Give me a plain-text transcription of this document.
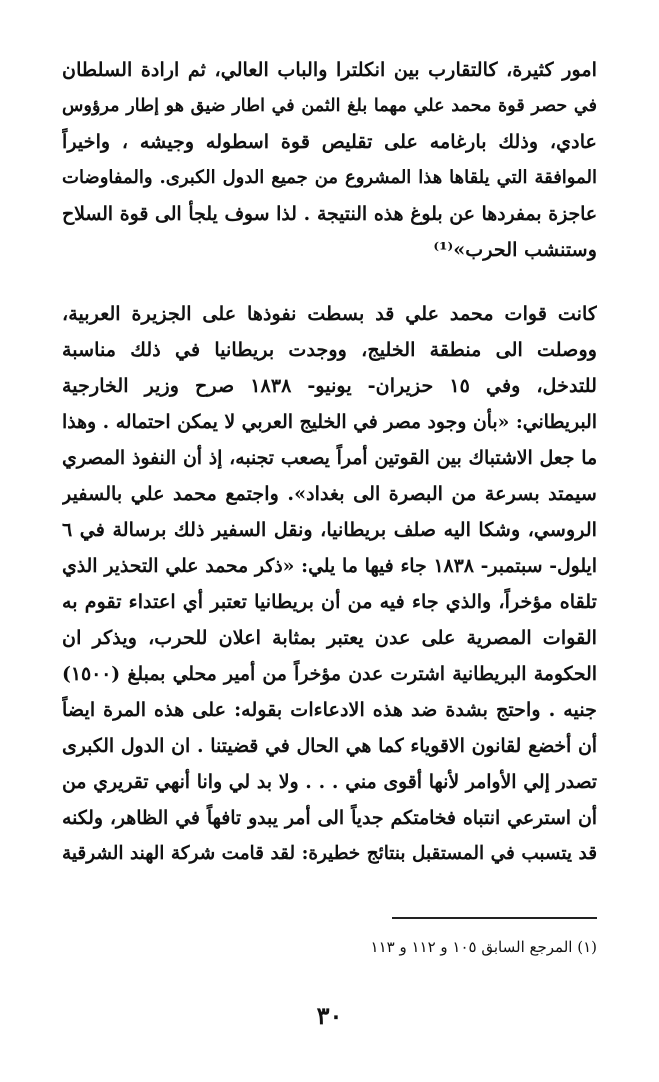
امور كثيرة، كالتقارب بين انكلترا والباب العالي، ثم ارادة السلطان
في حصر قوة محمد علي مهما بلغ الثمن في اطار ضيق هو إطار مرؤوس
عادي، وذلك بارغامه على تقليص قوة اسطوله وجيشه ، واخيراً
الموافقة التي يلقاها هذا المشروع من جميع الدول الكبرى. والمفاوضات
عاجزة بمفردها عن بلوغ هذه النتيجة . لذا سوف يلجأ الى قوة السلاح
وستنشب الحرب»⁽¹⁾
كانت قوات محمد علي قد بسطت نفوذها على الجزيرة العربية،
ووصلت الى منطقة الخليج، ووجدت بريطانيا في ذلك مناسبة
للتدخل، وفي ١٥ حزيران- يونيو- ١٨٣٨ صرح وزير الخارجية
البريطاني: «بأن وجود مصر في الخليج العربي لا يمكن احتماله . وهذا
ما جعل الاشتباك بين القوتين أمراً يصعب تجنبه، إذ أن النفوذ المصري
سيمتد بسرعة من البصرة الى بغداد». واجتمع محمد علي بالسفير
الروسي، وشكا اليه صلف بريطانيا، ونقل السفير ذلك برسالة في ٦
ايلول- سبتمبر- ١٨٣٨ جاء فيها ما يلي: «ذكر محمد علي التحذير الذي
تلقاه مؤخراً، والذي جاء فيه من أن بريطانيا تعتبر أي اعتداء تقوم به
القوات المصرية على عدن يعتبر بمثابة اعلان للحرب، ويذكر ان
الحكومة البريطانية اشترت عدن مؤخراً من أمير محلي بمبلغ (١٥٠٠)
جنيه . واحتج بشدة ضد هذه الادعاءات بقوله: على هذه المرة ايضاً
أن أخضع لقانون الاقوياء كما هي الحال في قضيتنا . ان الدول الكبرى
تصدر إلي الأوامر لأنها أقوى مني . . . ولا بد لي وانا أنهي تقريري من
أن استرعي انتباه فخامتكم جدياً الى أمر يبدو تافهاً في الظاهر، ولكنه
قد يتسبب في المستقبل بنتائج خطيرة: لقد قامت شركة الهند الشرقية
(١) المرجع السابق ١٠٥ و ١١٢ و ١١٣
٣٠
